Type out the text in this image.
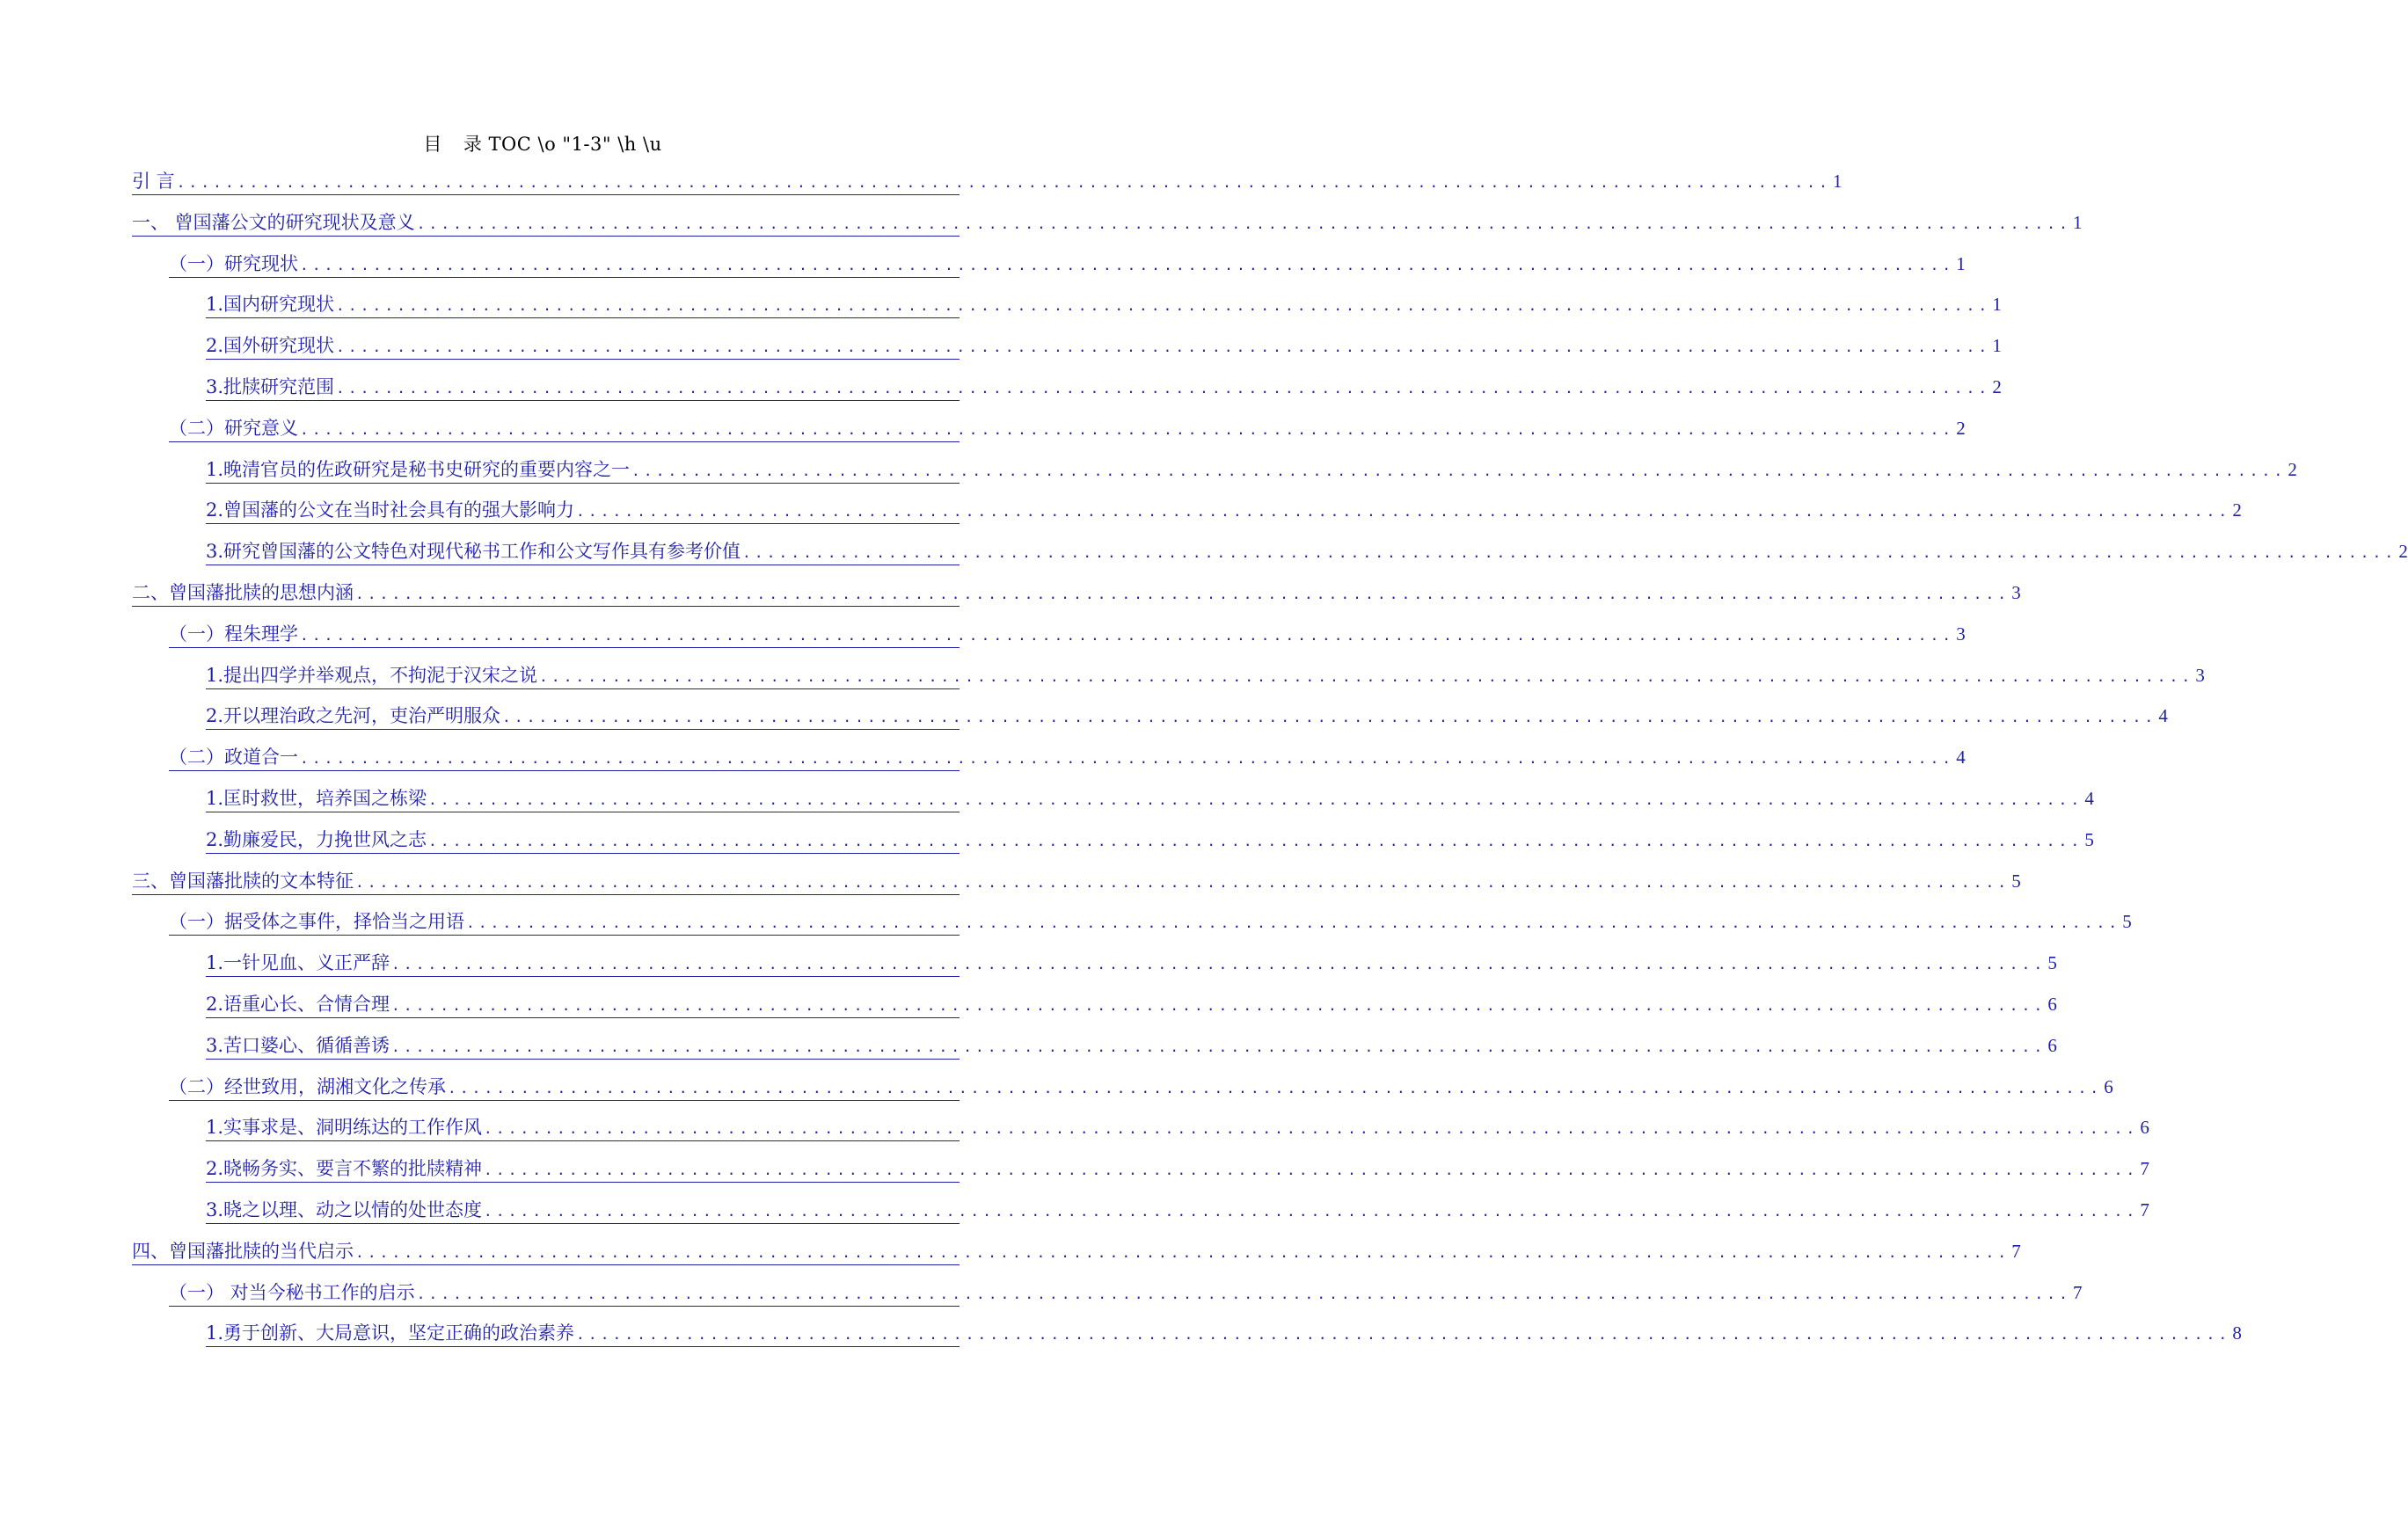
目 录 TOC \o "1-3" \h \u
引 言 ........................................................................................................................................ 1
一、 曾国藩公文的研究现状及意义 ........................................................................................................................................ 1
（一）研究现状 ........................................................................................................................................ 1
1.国内研究现状 ........................................................................................................................................ 1
2.国外研究现状 ........................................................................................................................................ 1
3.批牍研究范围 ........................................................................................................................................ 2
（二）研究意义 ........................................................................................................................................ 2
1.晚清官员的佐政研究是秘书史研究的重要内容之一 ........................................................................................................................................ 2
2.曾国藩的公文在当时社会具有的强大影响力 ........................................................................................................................................ 2
3.研究曾国藩的公文特色对现代秘书工作和公文写作具有参考价值 ........................................................................................................................................ 2
二、曾国藩批牍的思想内涵 ........................................................................................................................................ 3
（一）程朱理学 ........................................................................................................................................ 3
1.提出四学并举观点，不拘泥于汉宋之说 ........................................................................................................................................ 3
2.开以理治政之先河，吏治严明服众 ........................................................................................................................................ 4
（二）政道合一 ........................................................................................................................................ 4
1.匡时救世，培养国之栋梁 ........................................................................................................................................ 4
2.勤廉爱民，力挽世风之志 ........................................................................................................................................ 5
三、曾国藩批牍的文本特征 ........................................................................................................................................ 5
（一）据受体之事件，择恰当之用语 ........................................................................................................................................ 5
1.一针见血、义正严辞 ........................................................................................................................................ 5
2.语重心长、合情合理 ........................................................................................................................................ 6
3.苦口婆心、循循善诱 ........................................................................................................................................ 6
（二）经世致用，湖湘文化之传承 ........................................................................................................................................ 6
1.实事求是、洞明练达的工作作风 ........................................................................................................................................ 6
2.晓畅务实、要言不繁的批牍精神 ........................................................................................................................................ 7
3.晓之以理、动之以情的处世态度 ........................................................................................................................................ 7
四、曾国藩批牍的当代启示 ........................................................................................................................................ 7
（一） 对当今秘书工作的启示 ........................................................................................................................................ 7
1.勇于创新、大局意识，坚定正确的政治素养 ........................................................................................................................................ 8
